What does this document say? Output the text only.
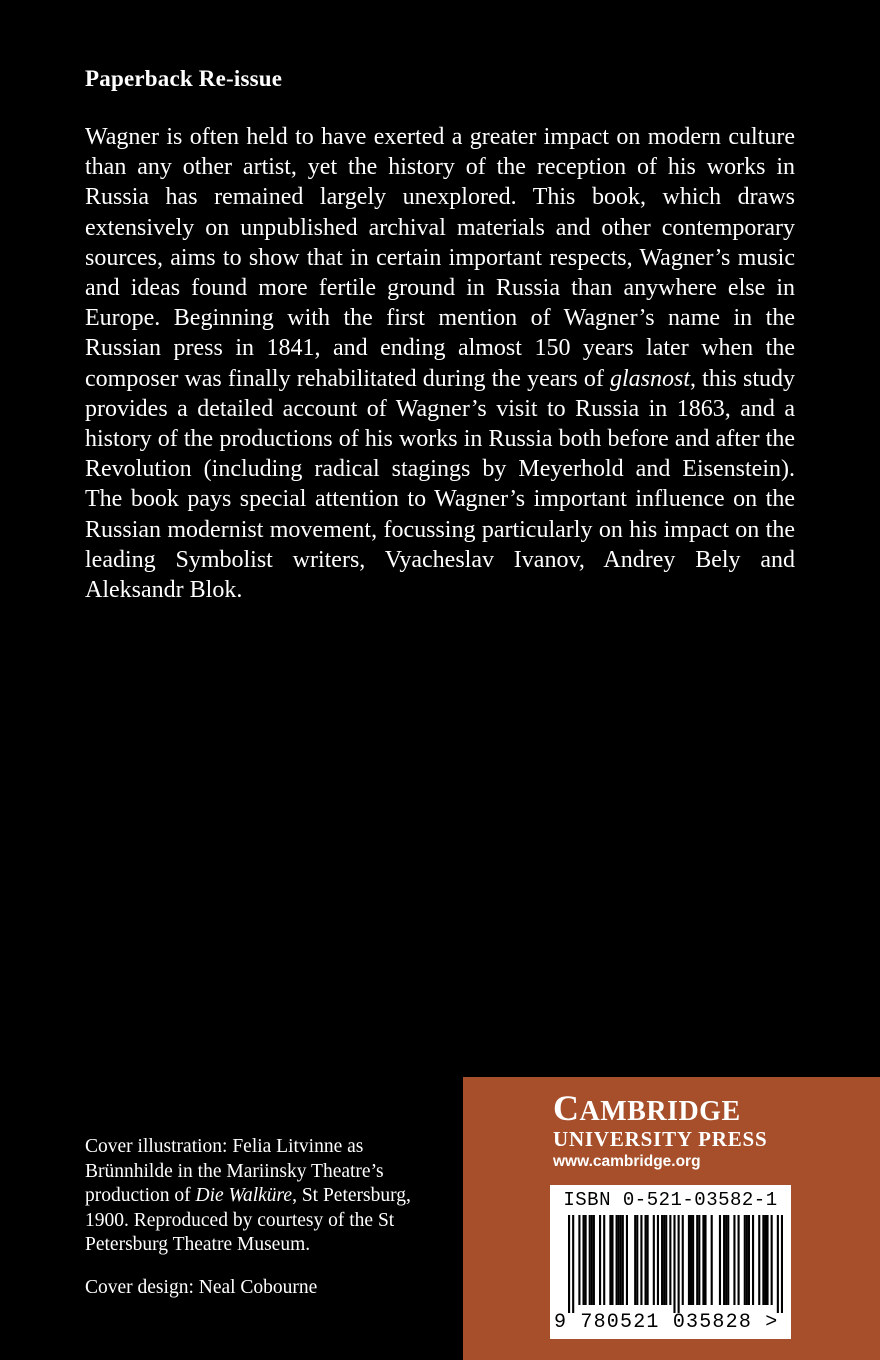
Paperback Re-issue

Wagner is often held to have exerted a greater impact on modern culture than any other artist, yet the history of the reception of his works in Russia has remained largely unexplored. This book, which draws extensively on unpublished archival materials and other contemporary sources, aims to show that in certain important respects, Wagner’s music and ideas found more fertile ground in Russia than anywhere else in Europe. Beginning with the first mention of Wagner’s name in the Russian press in 1841, and ending almost 150 years later when the composer was finally rehabilitated during the years of glasnost, this study provides a detailed account of Wagner’s visit to Russia in 1863, and a history of the productions of his works in Russia both before and after the Revolution (including radical stagings by Meyerhold and Eisenstein). The book pays special attention to Wagner’s important influence on the Russian modernist movement, focussing particularly on his impact on the leading Symbolist writers, Vyacheslav Ivanov, Andrey Bely and Aleksandr Blok.

Cover illustration: Felia Litvinne as Brünnhilde in the Mariinsky Theatre’s production of Die Walküre, St Petersburg, 1900. Reproduced by courtesy of the St Petersburg Theatre Museum.

Cover design: Neal Cobourne

CAMBRIDGE
UNIVERSITY PRESS
www.cambridge.org
ISBN 0-521-03582-1
9 780521 035828 >
